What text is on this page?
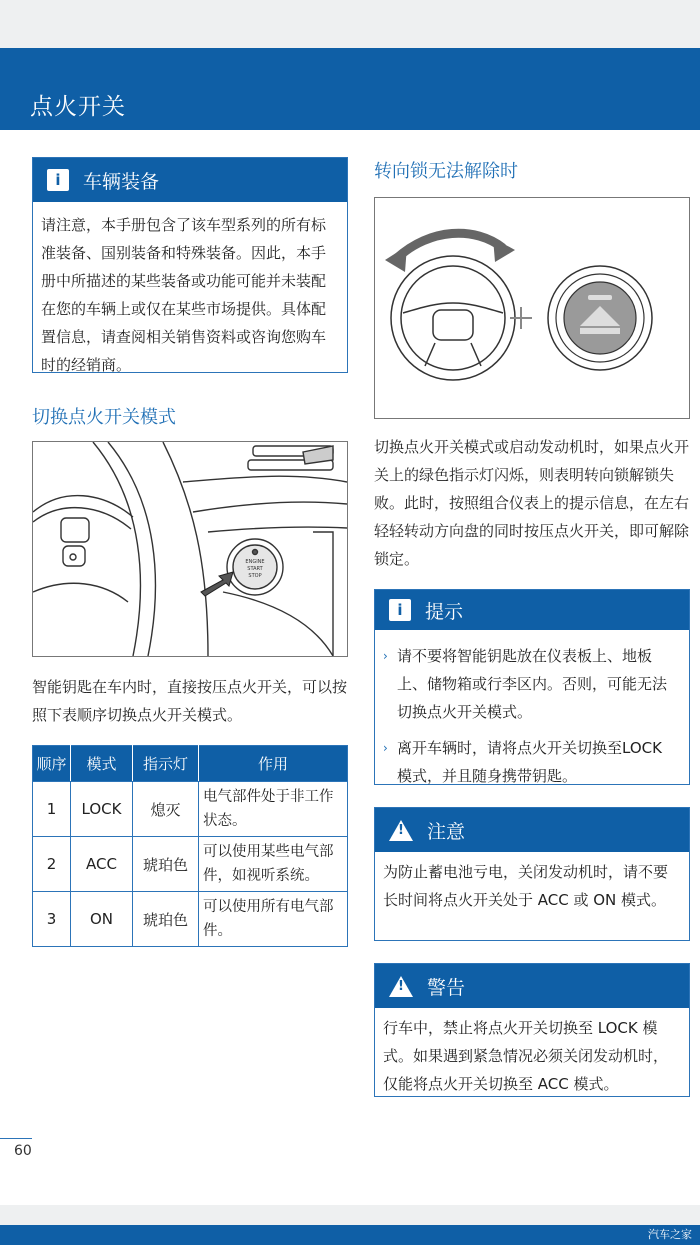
点火开关
i	车辆装备
请注意，本手册包含了该车型系列的所有标准装备、国别装备和特殊装备。因此，本手册中所描述的某些装备或功能可能并未装配在您的车辆上或仅在某些市场提供。具体配置信息，请查阅相关销售资料或咨询您购车时的经销商。
切换点火开关模式
ENGINE
START
STOP
智能钥匙在车内时，直接按压点火开关，可以按照下表顺序切换点火开关模式。
顺序	模式	指示灯	作用
1	LOCK	熄灭	电气部件处于非工作状态。
2	ACC	琥珀色	可以使用某些电气部件，如视听系统。
3	ON	琥珀色	可以使用所有电气部件。
转向锁无法解除时
切换点火开关模式或启动发动机时，如果点火开关上的绿色指示灯闪烁，则表明转向锁解锁失败。此时，按照组合仪表上的提示信息，在左右轻轻转动方向盘的同时按压点火开关，即可解除锁定。
i	提示
› 请不要将智能钥匙放在仪表板上、地板上、储物箱或行李区内。否则，可能无法切换点火开关模式。
› 离开车辆时，请将点火开关切换至LOCK 模式，并且随身携带钥匙。
! 注意
为防止蓄电池亏电，关闭发动机时，请不要长时间将点火开关处于 ACC 或 ON 模式。
! 警告
行车中，禁止将点火开关切换至 LOCK 模式。如果遇到紧急情况必须关闭发动机时，仅能将点火开关切换至 ACC 模式。
60
汽车之家
